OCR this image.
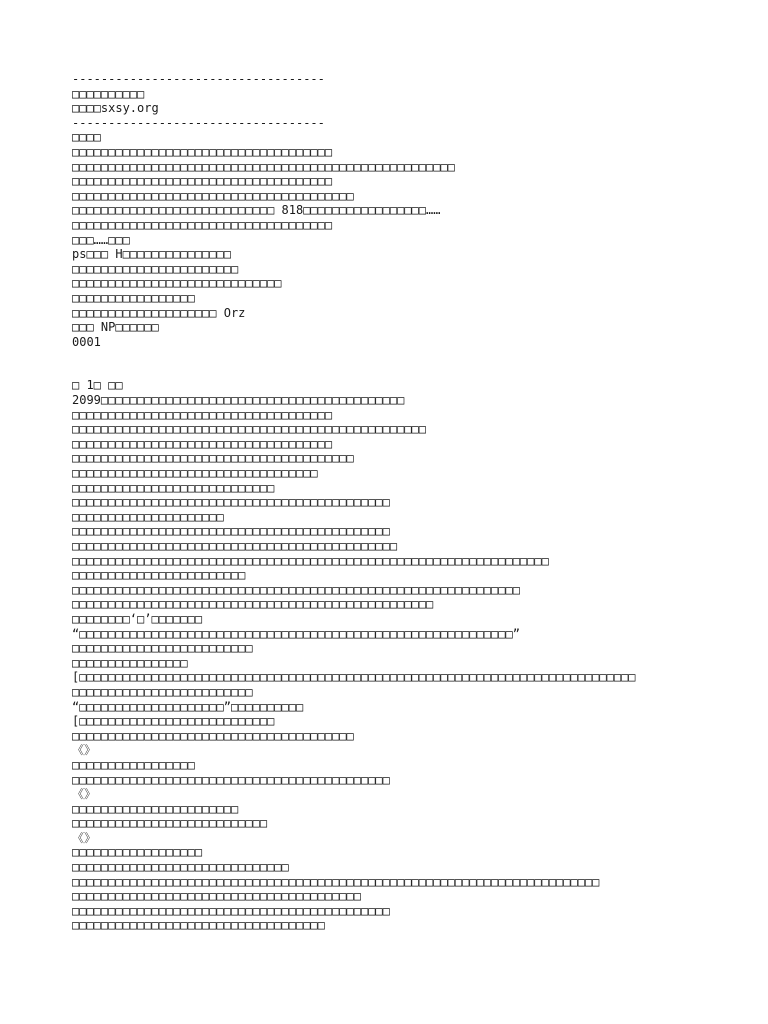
-----------------------------------
□□□□□□□□□□
□□□□sxsy.org
-----------------------------------
□□□□
□□□□□□□□□□□□□□□□□□□□□□□□□□□□□□□□□□□□
□□□□□□□□□□□□□□□□□□□□□□□□□□□□□□□□□□□□□□□□□□□□□□□□□□□□□
□□□□□□□□□□□□□□□□□□□□□□□□□□□□□□□□□□□□
□□□□□□□□□□□□□□□□□□□□□□□□□□□□□□□□□□□□□□□
□□□□□□□□□□□□□□□□□□□□□□□□□□□□ 818□□□□□□□□□□□□□□□□□……
□□□□□□□□□□□□□□□□□□□□□□□□□□□□□□□□□□□□
□□□……□□□
ps□□□ H□□□□□□□□□□□□□□□
□□□□□□□□□□□□□□□□□□□□□□□
□□□□□□□□□□□□□□□□□□□□□□□□□□□□□
□□□□□□□□□□□□□□□□□
□□□□□□□□□□□□□□□□□□□□ Orz
□□□ NP□□□□□□
0001
□ 1□ □□
2099□□□□□□□□□□□□□□□□□□□□□□□□□□□□□□□□□□□□□□□□□□
□□□□□□□□□□□□□□□□□□□□□□□□□□□□□□□□□□□□
□□□□□□□□□□□□□□□□□□□□□□□□□□□□□□□□□□□□□□□□□□□□□□□□□
□□□□□□□□□□□□□□□□□□□□□□□□□□□□□□□□□□□□
□□□□□□□□□□□□□□□□□□□□□□□□□□□□□□□□□□□□□□□
□□□□□□□□□□□□□□□□□□□□□□□□□□□□□□□□□□
□□□□□□□□□□□□□□□□□□□□□□□□□□□□
□□□□□□□□□□□□□□□□□□□□□□□□□□□□□□□□□□□□□□□□□□□□
□□□□□□□□□□□□□□□□□□□□□
□□□□□□□□□□□□□□□□□□□□□□□□□□□□□□□□□□□□□□□□□□□□
□□□□□□□□□□□□□□□□□□□□□□□□□□□□□□□□□□□□□□□□□□□□□
□□□□□□□□□□□□□□□□□□□□□□□□□□□□□□□□□□□□□□□□□□□□□□□□□□□□□□□□□□□□□□□□□□
□□□□□□□□□□□□□□□□□□□□□□□□
□□□□□□□□□□□□□□□□□□□□□□□□□□□□□□□□□□□□□□□□□□□□□□□□□□□□□□□□□□□□□□
□□□□□□□□□□□□□□□□□□□□□□□□□□□□□□□□□□□□□□□□□□□□□□□□□□
□□□□□□□□‘□’□□□□□□□
“□□□□□□□□□□□□□□□□□□□□□□□□□□□□□□□□□□□□□□□□□□□□□□□□□□□□□□□□□□□□”
□□□□□□□□□□□□□□□□□□□□□□□□□
□□□□□□□□□□□□□□□□
[□□□□□□□□□□□□□□□□□□□□□□□□□□□□□□□□□□□□□□□□□□□□□□□□□□□□□□□□□□□□□□□□□□□□□□□□□□□□□
□□□□□□□□□□□□□□□□□□□□□□□□□
“□□□□□□□□□□□□□□□□□□□□”□□□□□□□□□□
[□□□□□□□□□□□□□□□□□□□□□□□□□□□
□□□□□□□□□□□□□□□□□□□□□□□□□□□□□□□□□□□□□□□
《》
□□□□□□□□□□□□□□□□□
□□□□□□□□□□□□□□□□□□□□□□□□□□□□□□□□□□□□□□□□□□□□
《》
□□□□□□□□□□□□□□□□□□□□□□□
□□□□□□□□□□□□□□□□□□□□□□□□□□□
《》
□□□□□□□□□□□□□□□□□□
□□□□□□□□□□□□□□□□□□□□□□□□□□□□□□
□□□□□□□□□□□□□□□□□□□□□□□□□□□□□□□□□□□□□□□□□□□□□□□□□□□□□□□□□□□□□□□□□□□□□□□□□
□□□□□□□□□□□□□□□□□□□□□□□□□□□□□□□□□□□□□□□□
□□□□□□□□□□□□□□□□□□□□□□□□□□□□□□□□□□□□□□□□□□□□
□□□□□□□□□□□□□□□□□□□□□□□□□□□□□□□□□□□
